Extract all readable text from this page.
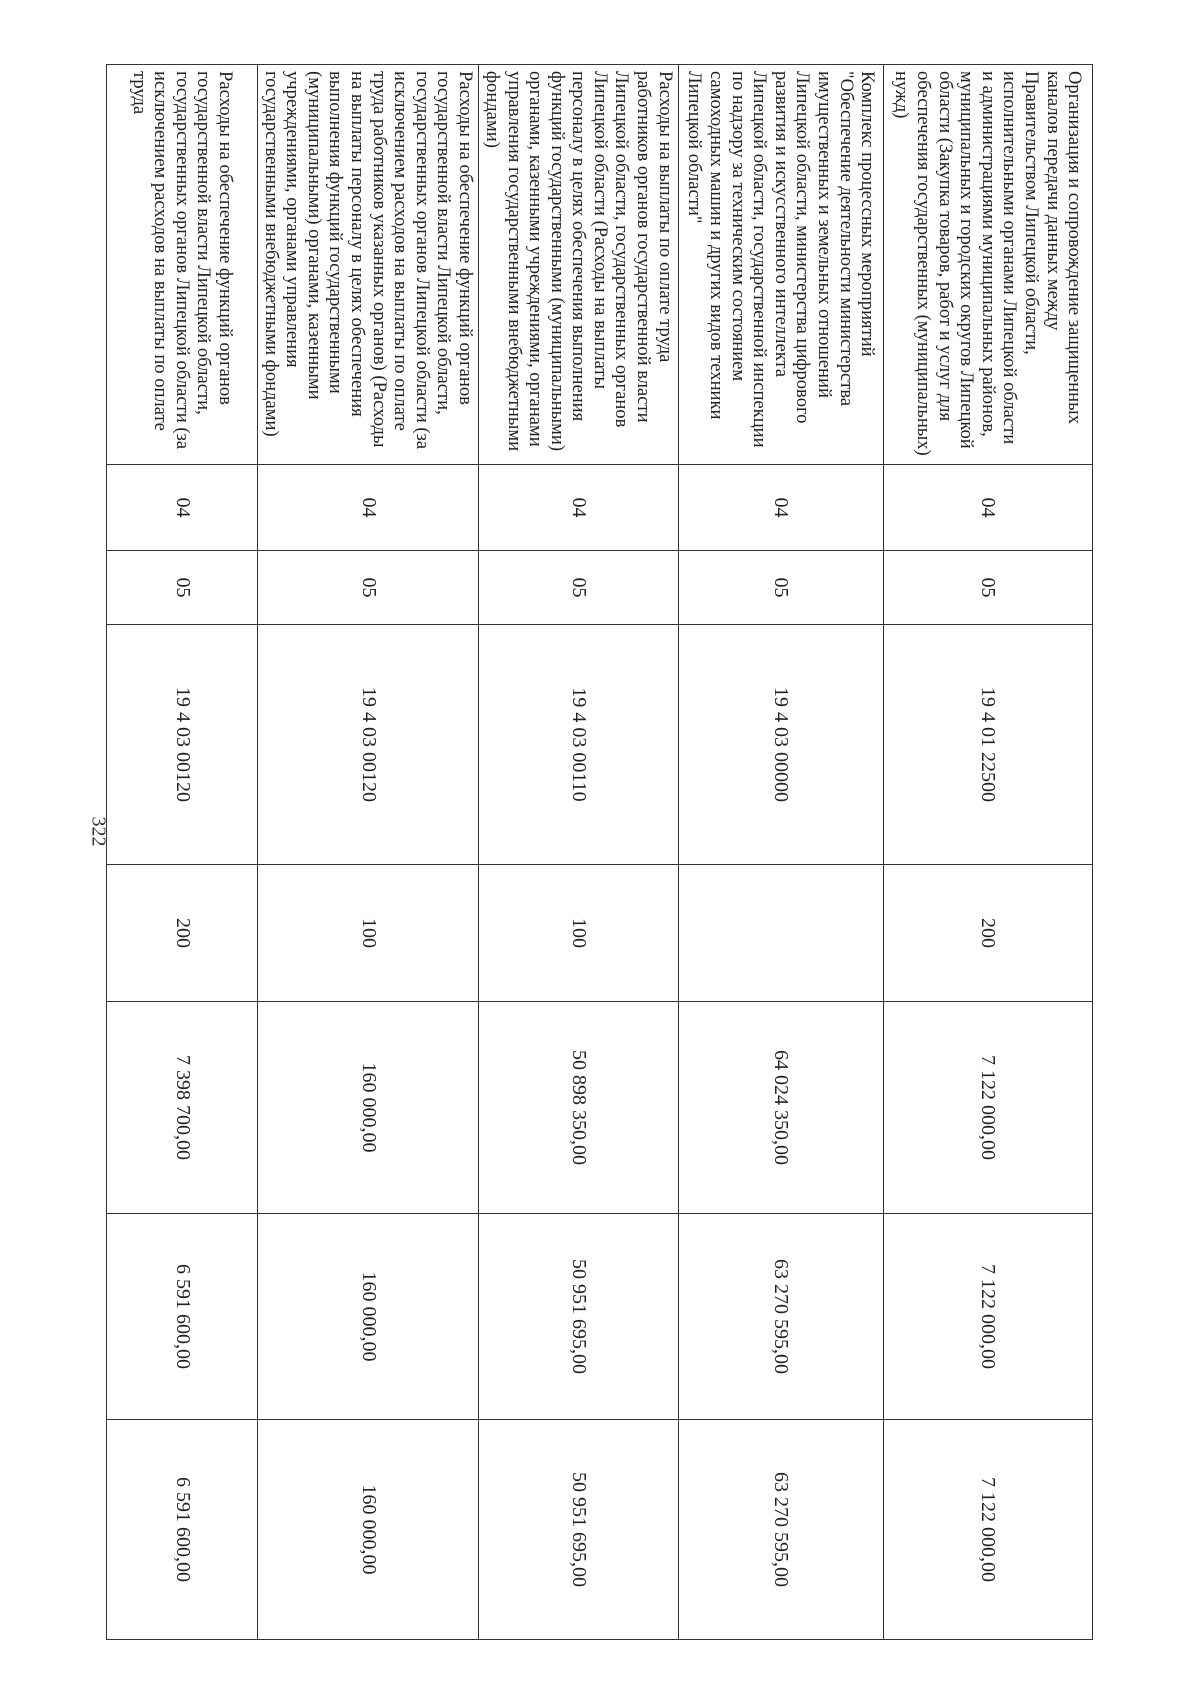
322
Организация и сопровождение защищенных каналов передачи данных между Правительством Липецкой области, исполнительными органами Липецкой области и администрациями муниципальных районов, муниципальных и городских округов Липецкой области (Закупка товаров, работ и услуг для обеспечения государственных (муниципальных) нужд)	04	05	19 4 01 22500	200	7 122 000,00	7 122 000,00	7 122 000,00
Комплекс процессных мероприятий "Обеспечение деятельности министерства имущественных и земельных отношений Липецкой области, министерства цифрового развития и искусственного интеллекта Липецкой области, государственной инспекции по надзору за техническим состоянием самоходных машин и других видов техники Липецкой области"	04	05	19 4 03 00000		64 024 350,00	63 270 595,00	63 270 595,00
Расходы на выплаты по оплате труда работников органов государственной власти Липецкой области, государственных органов Липецкой области (Расходы на выплаты персоналу в целях обеспечения выполнения функций государственными (муниципальными) органами, казенными учреждениями, органами управления государственными внебюджетными фондами)	04	05	19 4 03 00110	100	50 898 350,00	50 951 695,00	50 951 695,00
Расходы на обеспечение функций органов государственной власти Липецкой области, государственных органов Липецкой области (за исключением расходов на выплаты по оплате труда работников указанных органов) (Расходы на выплаты персоналу в целях обеспечения выполнения функций государственными (муниципальными) органами, казенными учреждениями, органами управления государственными внебюджетными фондами)	04	05	19 4 03 00120	100	160 000,00	160 000,00	160 000,00
Расходы на обеспечение функций органов государственной власти Липецкой области, государственных органов Липецкой области (за исключением расходов на выплаты по оплате труда	04	05	19 4 03 00120	200	7 398 700,00	6 591 600,00	6 591 600,00
